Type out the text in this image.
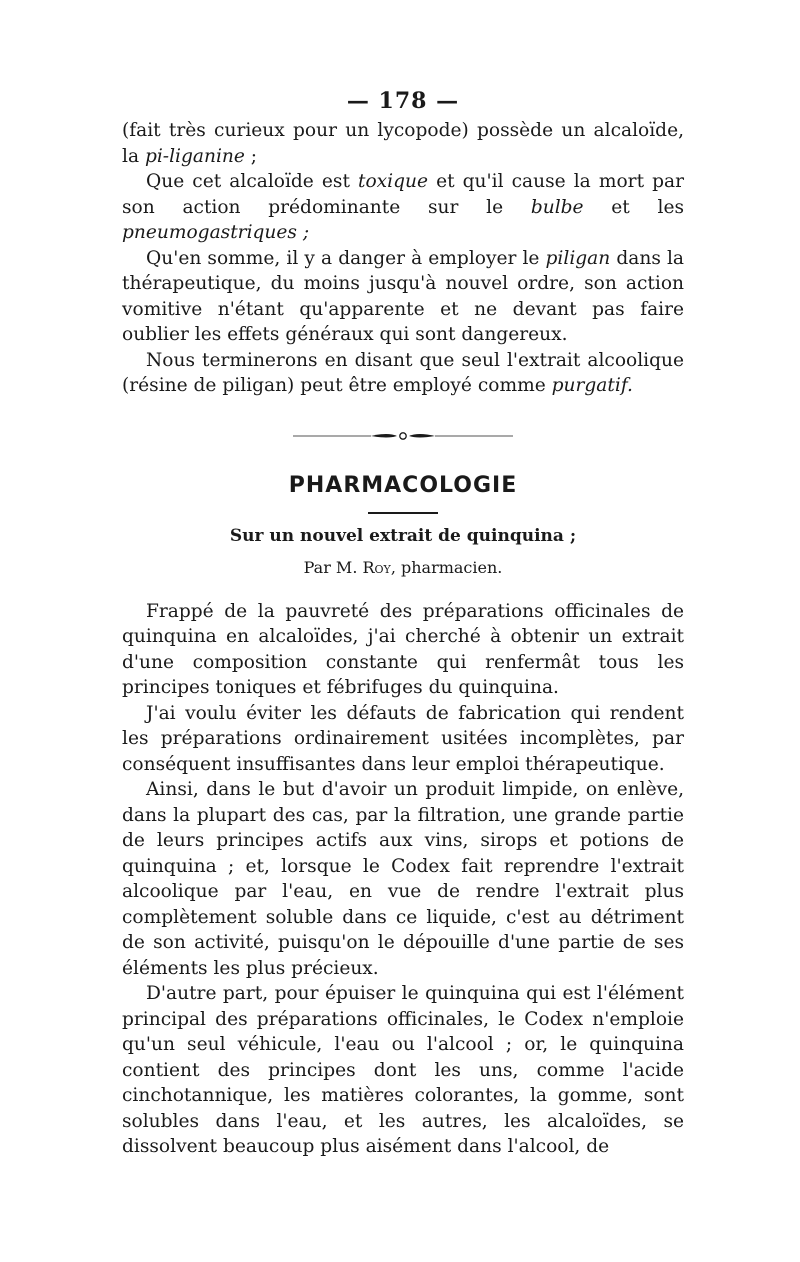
— 178 —

(fait très curieux pour un lycopode) possède un alcaloïde, la pi-liganine ;

Que cet alcaloïde est toxique et qu'il cause la mort par son action prédominante sur le bulbe et les pneumogastriques ;

Qu'en somme, il y a danger à employer le piligan dans la thérapeutique, du moins jusqu'à nouvel ordre, son action vomitive n'étant qu'apparente et ne devant pas faire oublier les effets généraux qui sont dangereux.

Nous terminerons en disant que seul l'extrait alcoolique (résine de piligan) peut être employé comme purgatif.

PHARMACOLOGIE
Sur un nouvel extrait de quinquina ;
Par M. Roy, pharmacien.

Frappé de la pauvreté des préparations officinales de quinquina en alcaloïdes, j'ai cherché à obtenir un extrait d'une composition constante qui renfermât tous les principes toniques et fébrifuges du quinquina.

J'ai voulu éviter les défauts de fabrication qui rendent les préparations ordinairement usitées incomplètes, par conséquent insuffisantes dans leur emploi thérapeutique.

Ainsi, dans le but d'avoir un produit limpide, on enlève, dans la plupart des cas, par la filtration, une grande partie de leurs principes actifs aux vins, sirops et potions de quinquina ; et, lorsque le Codex fait reprendre l'extrait alcoolique par l'eau, en vue de rendre l'extrait plus complètement soluble dans ce liquide, c'est au détriment de son activité, puisqu'on le dépouille d'une partie de ses éléments les plus précieux.

D'autre part, pour épuiser le quinquina qui est l'élément principal des préparations officinales, le Codex n'emploie qu'un seul véhicule, l'eau ou l'alcool ; or, le quinquina contient des principes dont les uns, comme l'acide cinchotannique, les matières colorantes, la gomme, sont solubles dans l'eau, et les autres, les alcaloïdes, se dissolvent beaucoup plus aisément dans l'alcool, de
